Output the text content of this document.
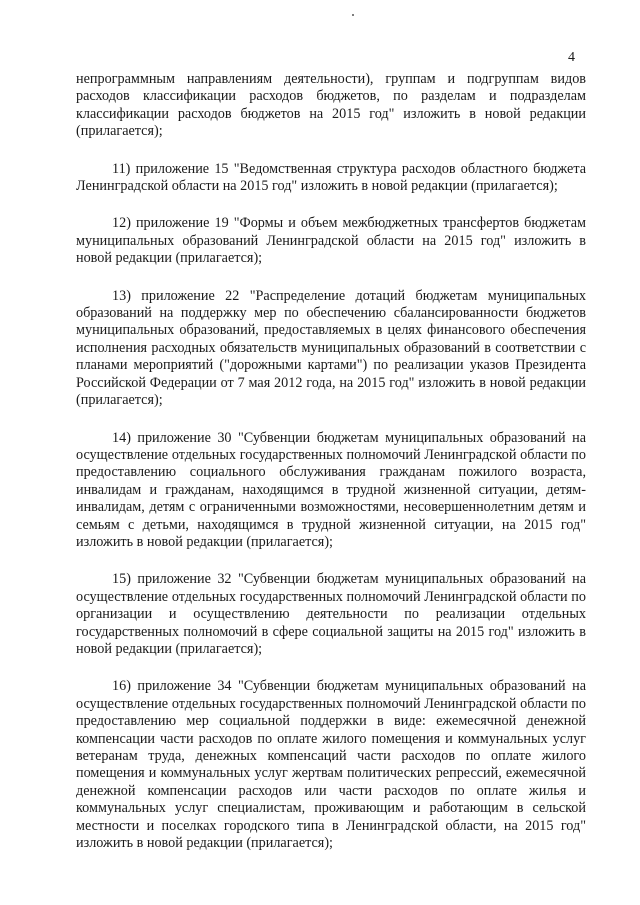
4

непрограммным направлениям деятельности), группам и подгруппам видов расходов классификации расходов бюджетов, по разделам и подразделам классификации расходов бюджетов на 2015 год" изложить в новой редакции (прилагается);

11) приложение 15 "Ведомственная структура расходов областного бюджета Ленинградской области на 2015 год" изложить в новой редакции (прилагается);

12) приложение 19 "Формы и объем межбюджетных трансфертов бюджетам муниципальных образований Ленинградской области на 2015 год" изложить в новой редакции (прилагается);

13) приложение 22 "Распределение дотаций бюджетам муниципальных образований на поддержку мер по обеспечению сбалансированности бюджетов муниципальных образований, предоставляемых в целях финансового обеспечения исполнения расходных обязательств муниципальных образований в соответствии с планами мероприятий ("дорожными картами") по реализации указов Президента Российской Федерации от 7 мая 2012 года, на 2015 год" изложить в новой редакции (прилагается);

14) приложение 30 "Субвенции бюджетам муниципальных образований на осуществление отдельных государственных полномочий Ленинградской области по предоставлению социального обслуживания гражданам пожилого возраста, инвалидам и гражданам, находящимся в трудной жизненной ситуации, детям-инвалидам, детям с ограниченными возможностями, несовершеннолетним детям и семьям с детьми, находящимся в трудной жизненной ситуации, на 2015 год" изложить в новой редакции (прилагается);

15) приложение 32 "Субвенции бюджетам муниципальных образований на осуществление отдельных государственных полномочий Ленинградской области по организации и осуществлению деятельности по реализации отдельных государственных полномочий в сфере социальной защиты на 2015 год" изложить в новой редакции (прилагается);

16) приложение 34 "Субвенции бюджетам муниципальных образований на осуществление отдельных государственных полномочий Ленинградской области по предоставлению мер социальной поддержки в виде: ежемесячной денежной компенсации части расходов по оплате жилого помещения и коммунальных услуг ветеранам труда, денежных компенсаций части расходов по оплате жилого помещения и коммунальных услуг жертвам политических репрессий, ежемесячной денежной компенсации расходов или части расходов по оплате жилья и коммунальных услуг специалистам, проживающим и работающим в сельской местности и поселках городского типа в Ленинградской области, на 2015 год" изложить в новой редакции (прилагается);
